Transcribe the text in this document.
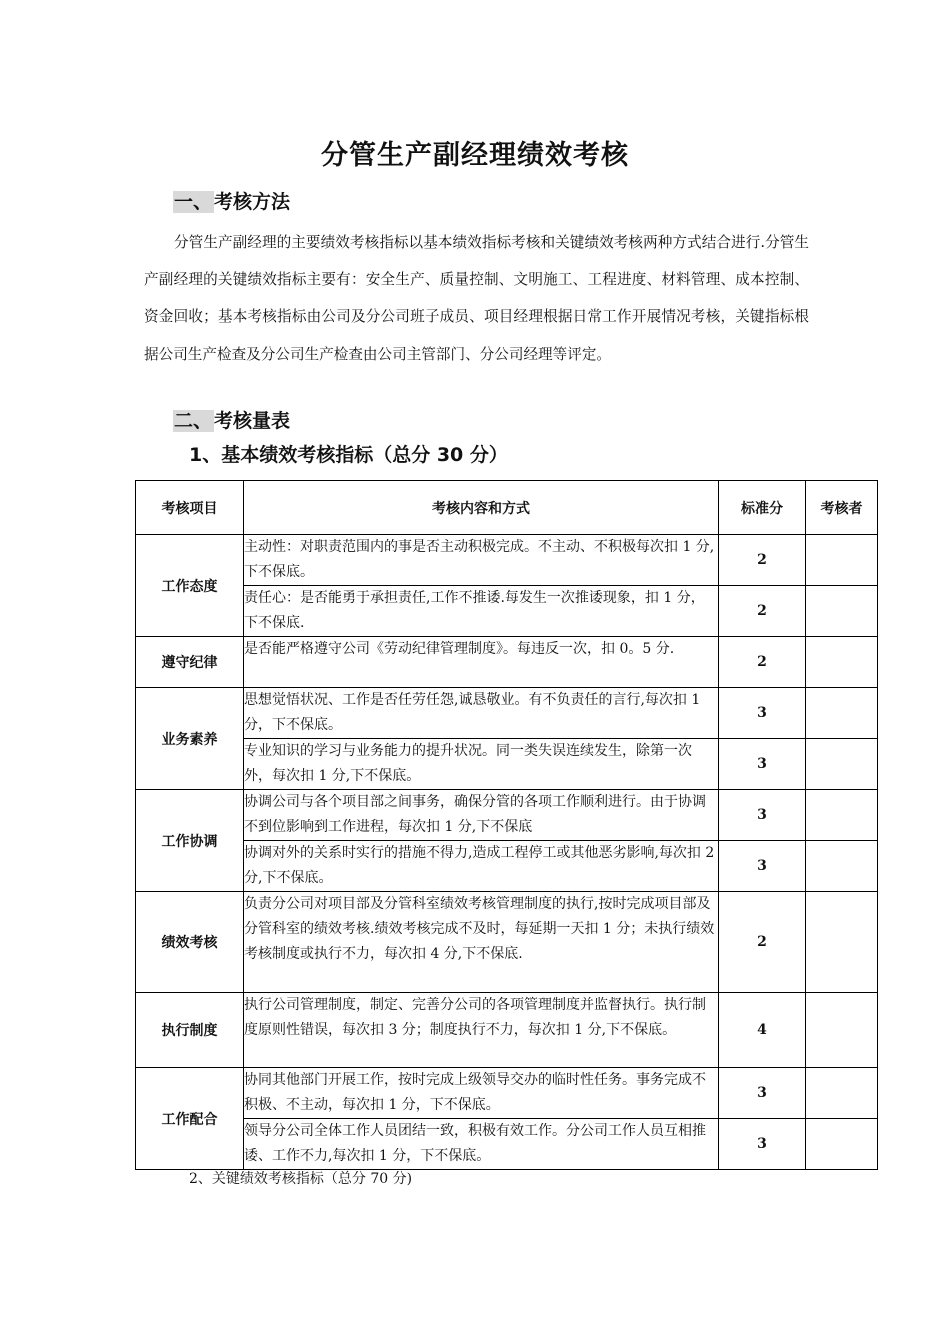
分管生产副经理绩效考核
一、 考核方法

分管生产副经理的主要绩效考核指标以基本绩效指标考核和关键绩效考核两种方式结合进行.分管生产副经理的关键绩效指标主要有：安全生产、质量控制、文明施工、工程进度、材料管理、成本控制、资金回收；基本考核指标由公司及分公司班子成员、项目经理根据日常工作开展情况考核，关键指标根据公司生产检查及分公司生产检查由公司主管部门、分公司经理等评定。

二、 考核量表
1、基本绩效考核指标（总分 30 分）
考核项目	考核内容和方式	标准分	考核者
工作态度	主动性：对职责范围内的事是否主动积极完成。不主动、不积极每次扣 1 分,下不保底。	2	
	责任心：是否能勇于承担责任,工作不推诿.每发生一次推诿现象，扣 1 分，下不保底.	2	
遵守纪律	是否能严格遵守公司《劳动纪律管理制度》。每违反一次，扣 0。5 分.	2	
业务素养	思想觉悟状况、工作是否任劳任怨,诚恳敬业。有不负责任的言行,每次扣 1 分，下不保底。	3	
	专业知识的学习与业务能力的提升状况。同一类失误连续发生，除第一次外，每次扣 1 分,下不保底。	3	
工作协调	协调公司与各个项目部之间事务，确保分管的各项工作顺利进行。由于协调不到位影响到工作进程，每次扣 1 分,下不保底	3	
	协调对外的关系时实行的措施不得力,造成工程停工或其他恶劣影响,每次扣 2 分,下不保底。	3	
绩效考核	负责分公司对项目部及分管科室绩效考核管理制度的执行,按时完成项目部及分管科室的绩效考核.绩效考核完成不及时，每延期一天扣 1 分；未执行绩效考核制度或执行不力，每次扣 4 分,下不保底.	2	
执行制度	执行公司管理制度，制定、完善分公司的各项管理制度并监督执行。执行制度原则性错误，每次扣 3 分；制度执行不力，每次扣 1 分,下不保底。	4	
工作配合	协同其他部门开展工作，按时完成上级领导交办的临时性任务。事务完成不积极、不主动，每次扣 1 分，下不保底。	3	
	领导分公司全体工作人员团结一致，积极有效工作。分公司工作人员互相推诿、工作不力,每次扣 1 分，下不保底。	3	
2、关键绩效考核指标（总分 70 分)
